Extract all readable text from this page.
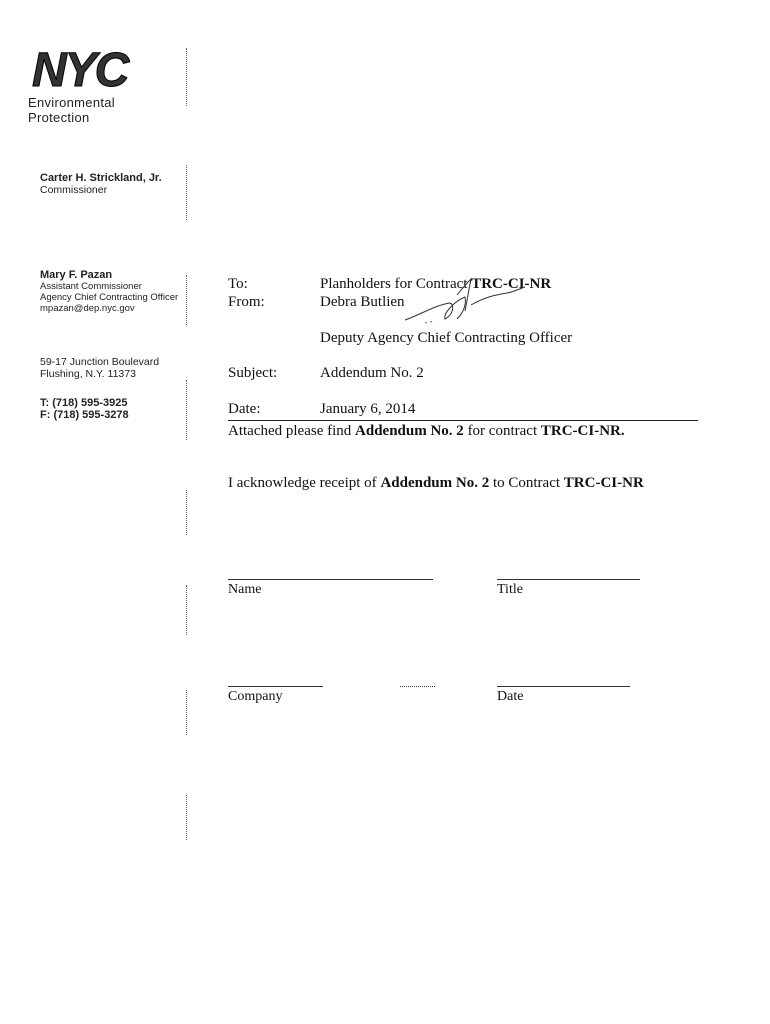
NYC
Environmental
Protection
Carter H. Strickland, Jr.
Commissioner
Mary F. Pazan
Assistant Commissioner
Agency Chief Contracting Officer
mpazan@dep.nyc.gov
59-17 Junction Boulevard
Flushing, N.Y. 11373
T: (718) 595-3925
F: (718) 595-3278
To:	Planholders for Contract TRC-CI-NR
From:	Debra Butlien
Deputy Agency Chief Contracting Officer
Subject:	Addendum No. 2
Date:	January 6, 2014
Attached please find Addendum No. 2 for contract TRC-CI-NR.
I acknowledge receipt of Addendum No. 2 to Contract TRC-CI-NR
Name	Title
Company	Date
